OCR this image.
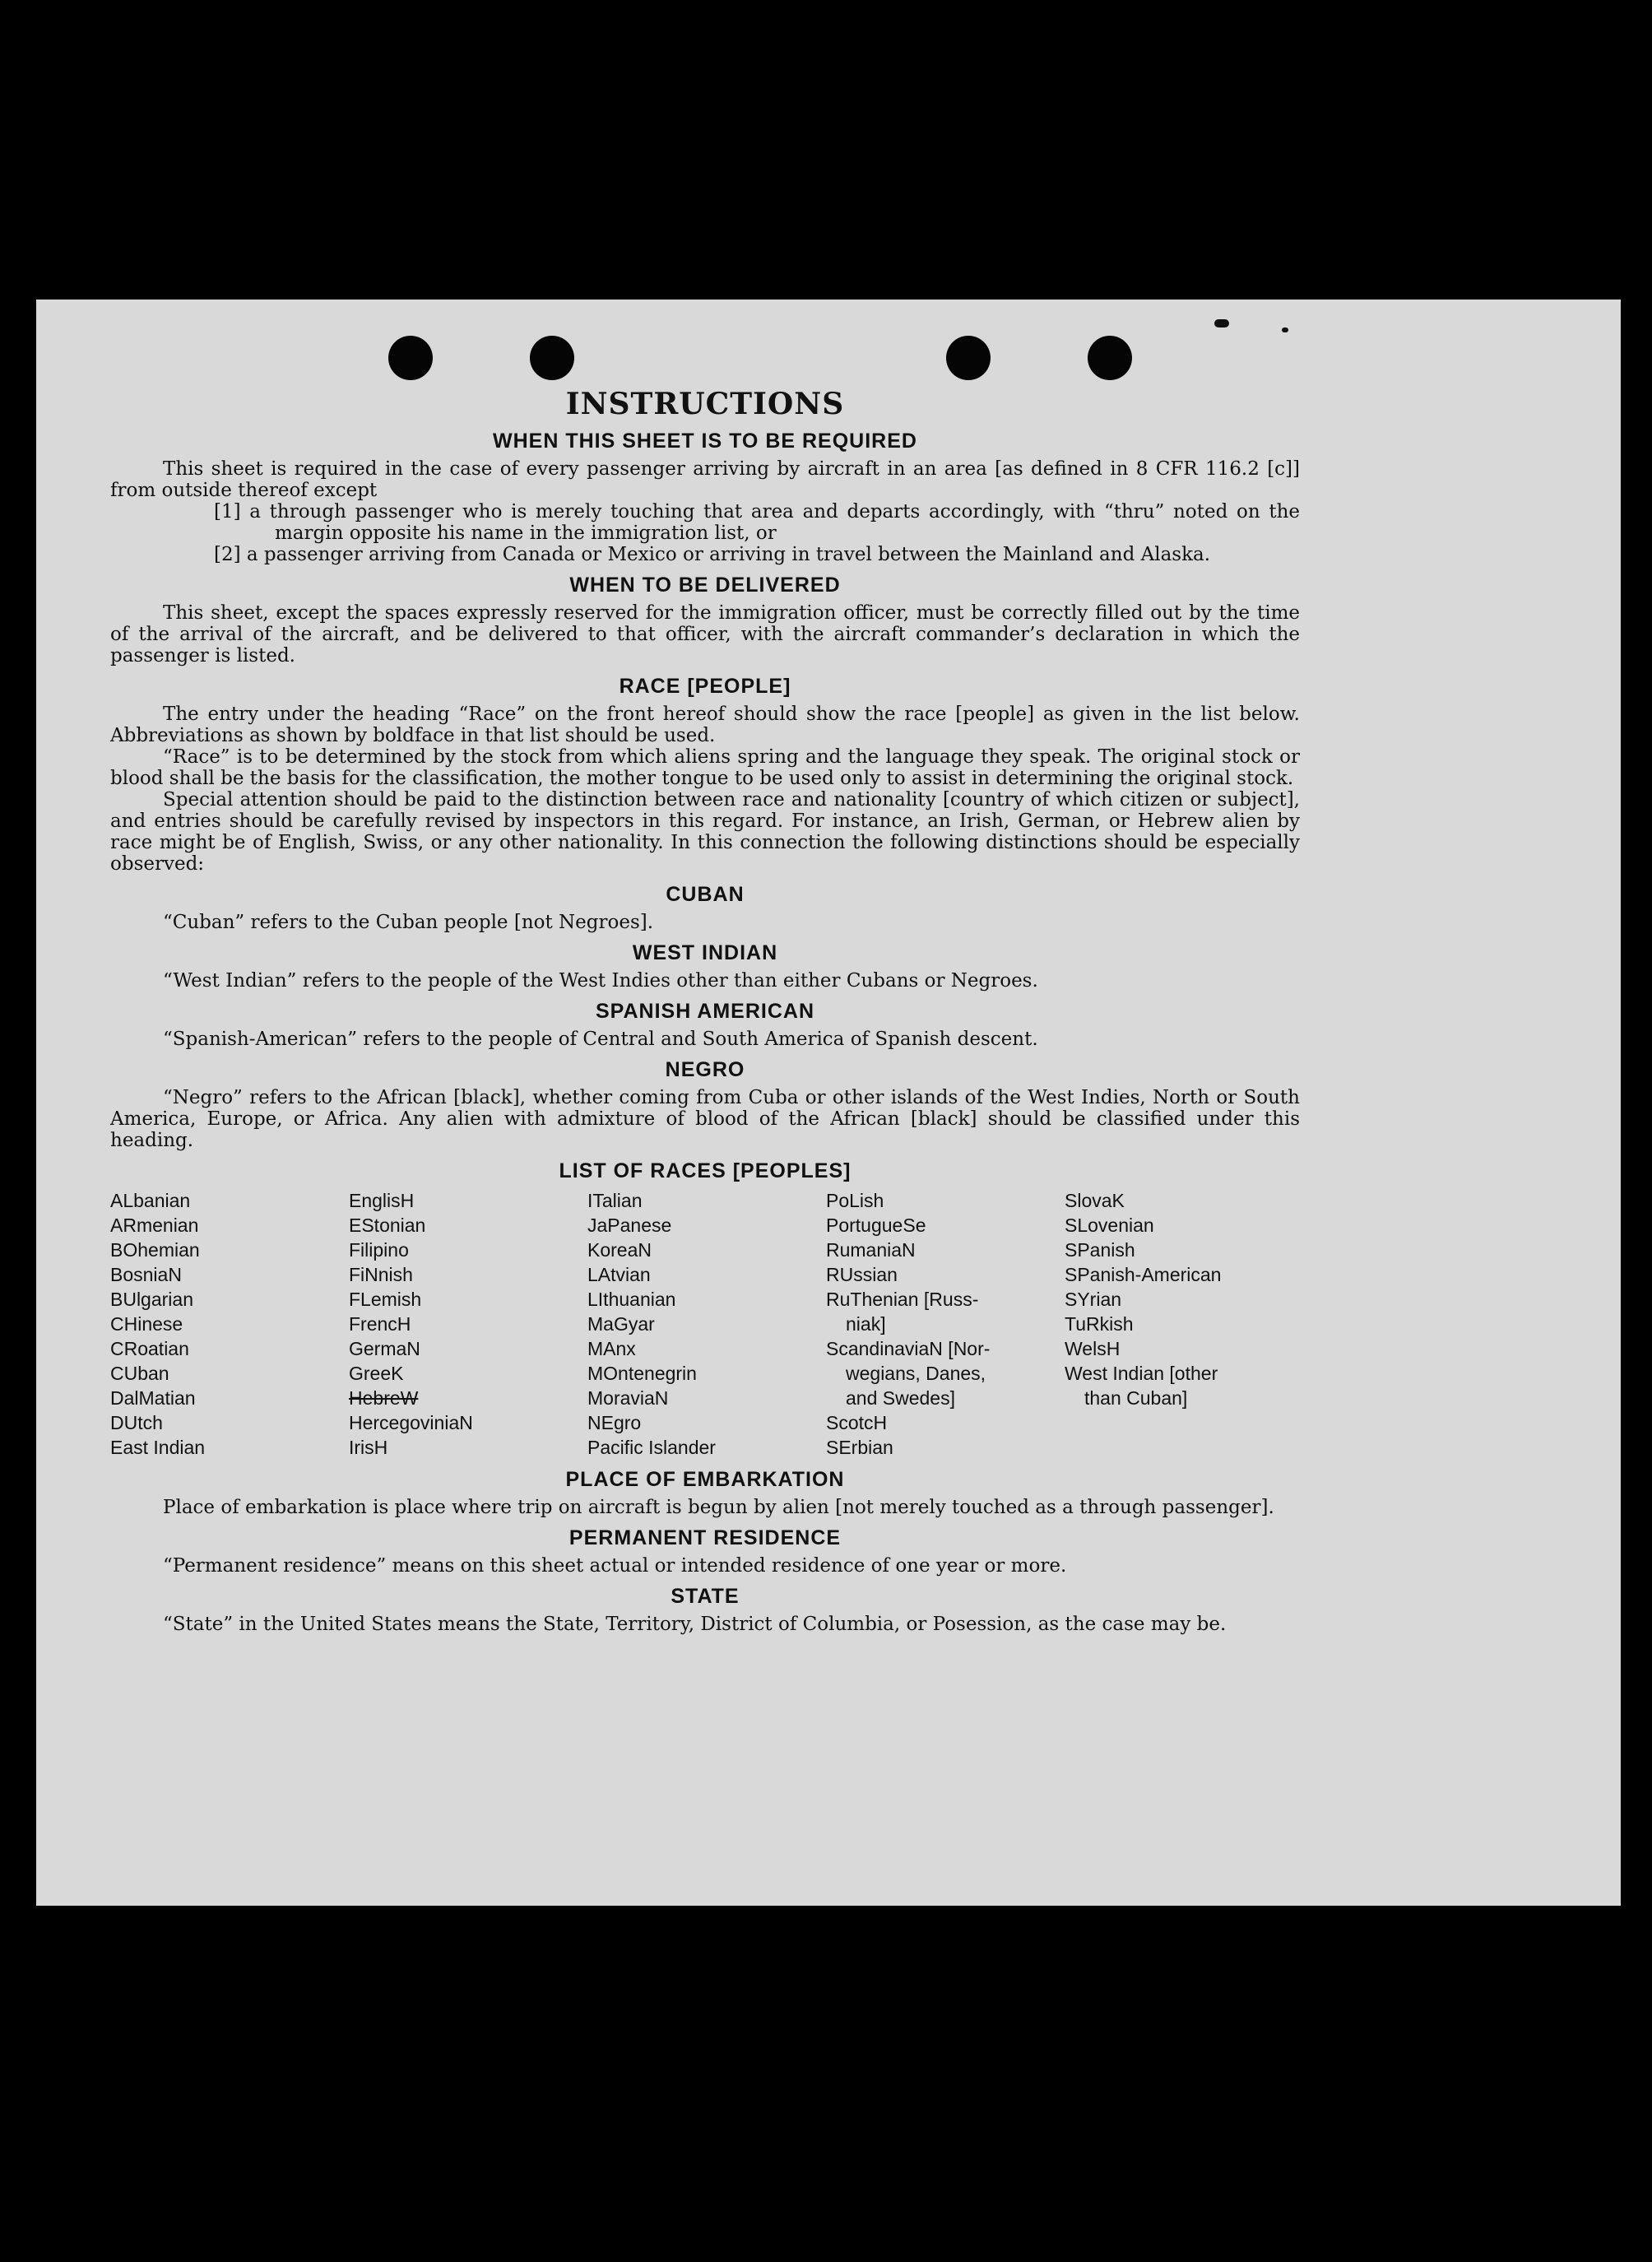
INSTRUCTIONS
WHEN THIS SHEET IS TO BE REQUIRED

This sheet is required in the case of every passenger arriving by aircraft in an area [as defined in 8 CFR 116.2 [c]] from outside thereof except

[1] a through passenger who is merely touching that area and departs accordingly, with “thru” noted on the margin opposite his name in the immigration list, or

[2] a passenger arriving from Canada or Mexico or arriving in travel between the Mainland and Alaska.

WHEN TO BE DELIVERED

This sheet, except the spaces expressly reserved for the immigration officer, must be correctly filled out by the time of the arrival of the aircraft, and be delivered to that officer, with the aircraft commander’s declaration in which the passenger is listed.

RACE [PEOPLE]

The entry under the heading “Race” on the front hereof should show the race [people] as given in the list below. Abbreviations as shown by boldface in that list should be used.

“Race” is to be determined by the stock from which aliens spring and the language they speak. The original stock or blood shall be the basis for the classification, the mother tongue to be used only to assist in determining the original stock.

Special attention should be paid to the distinction between race and nationality [country of which citizen or subject], and entries should be carefully revised by inspectors in this regard. For instance, an Irish, German, or Hebrew alien by race might be of English, Swiss, or any other nationality. In this connection the following distinctions should be especially observed:

CUBAN

“Cuban” refers to the Cuban people [not Negroes].

WEST INDIAN

“West Indian” refers to the people of the West Indies other than either Cubans or Negroes.

SPANISH AMERICAN

“Spanish-American” refers to the people of Central and South America of Spanish descent.

NEGRO

“Negro” refers to the African [black], whether coming from Cuba or other islands of the West Indies, North or South America, Europe, or Africa. Any alien with admixture of blood of the African [black] should be classified under this heading.

LIST OF RACES [PEOPLES]
ALbanian
ARmenian
BOhemian
BosniaN
BUlgarian
CHinese
CRoatian
CUban
DalMatian
DUtch
East Indian
EnglisH
EStonian
Filipino
FiNnish
FLemish
FrencH
GermaN
GreeK
HebreW
HercegoviniaN
IrisH
ITalian
JaPanese
KoreaN
LAtvian
LIthuanian
MaGyar
MAnx
MOntenegrin
MoraviaN
NEgro
Pacific Islander
PoLish
PortugueSe
RumaniaN
RUssian
RuThenian [Russ-
niak]
ScandinaviaN [Nor-
wegians, Danes,
and Swedes]
ScotcH
SErbian
SlovaK
SLovenian
SPanish
SPanish-American
SYrian
TuRkish
WelsH
West Indian [other
than Cuban]
PLACE OF EMBARKATION

Place of embarkation is place where trip on aircraft is begun by alien [not merely touched as a through passenger].

PERMANENT RESIDENCE

“Permanent residence” means on this sheet actual or intended residence of one year or more.

STATE

“State” in the United States means the State, Territory, District of Columbia, or Posession, as the case may be.
